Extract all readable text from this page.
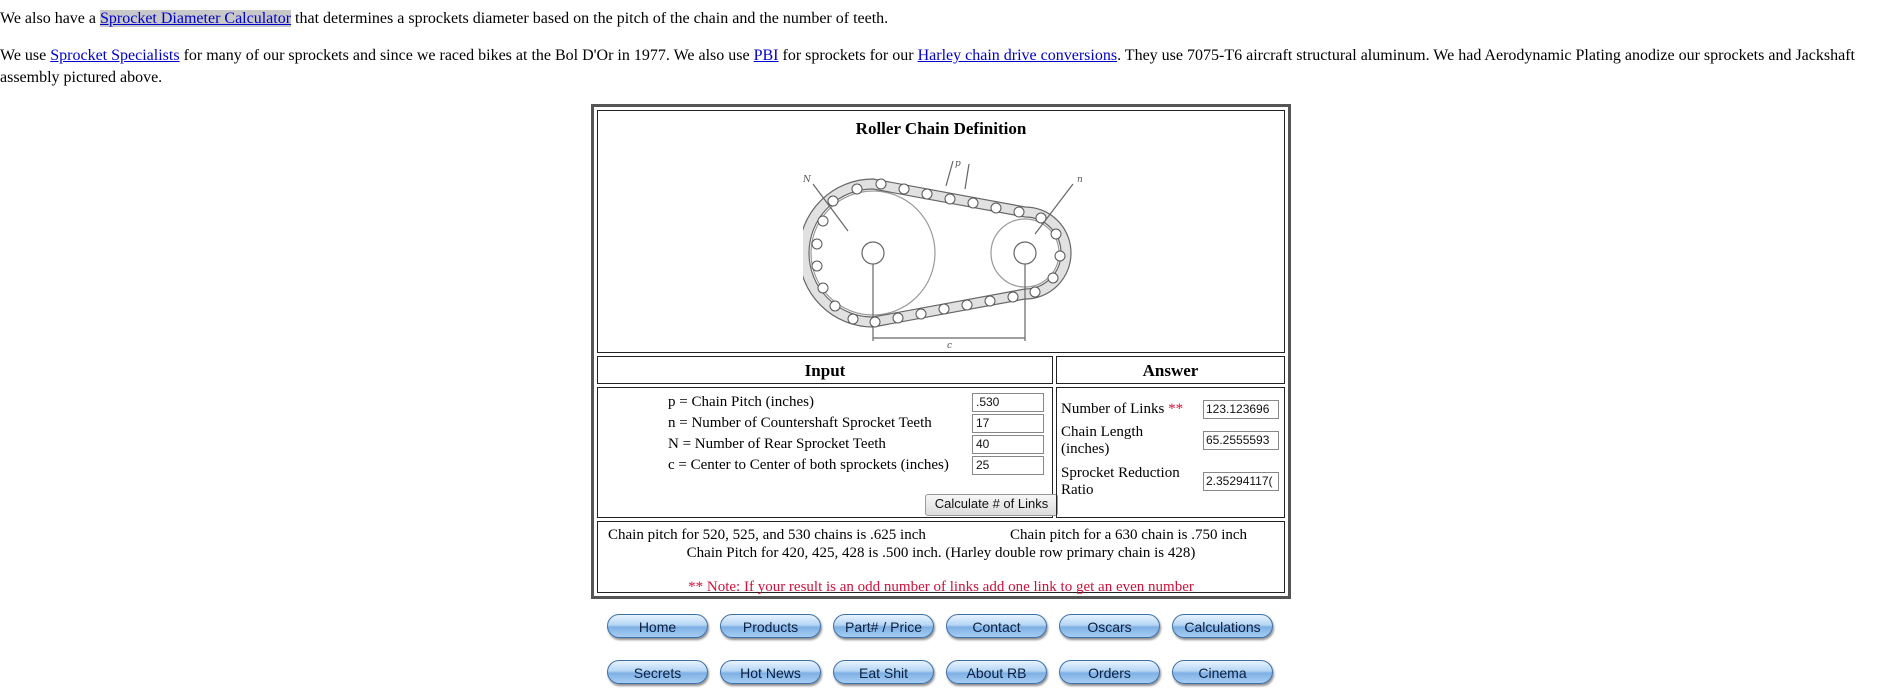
We also have a Sprocket Diameter Calculator that determines a sprockets diameter based on the pitch of the chain and the number of teeth.

We use Sprocket Specialists for many of our sprockets and since we raced bikes at the Bol D'Or in 1977. We also use PBI for sprockets for our Harley chain drive conversions. They use 7075-T6 aircraft structural aluminum. We had Aerodynamic Plating anodize our sprockets and Jackshaft assembly pictured above.

Roller Chain Definition
N	n
p
c
Input	Answer
p = Chain Pitch (inches)	.530
n = Number of Countershaft Sprocket Teeth	17
N = Number of Rear Sprocket Teeth	40
c = Center to Center of both sprockets (inches)	25
Calculate # of Links
Number of Links **	123.123696
Chain Length (inches)
65.2555593
Sprocket Reduction Ratio
2.35294117(
Chain pitch for 520, 525, and 530 chains is .625 inch	Chain pitch for a 630 chain is .750 inch
Chain Pitch for 420, 425, 428 is .500 inch. (Harley double row primary chain is 428)
** Note: If your result is an odd number of links add one link to get an even number
Home	Products	Part# / Price	Contact	Oscars	Calculations
Secrets	Hot News	Eat Shit	About RB	Orders	Cinema
